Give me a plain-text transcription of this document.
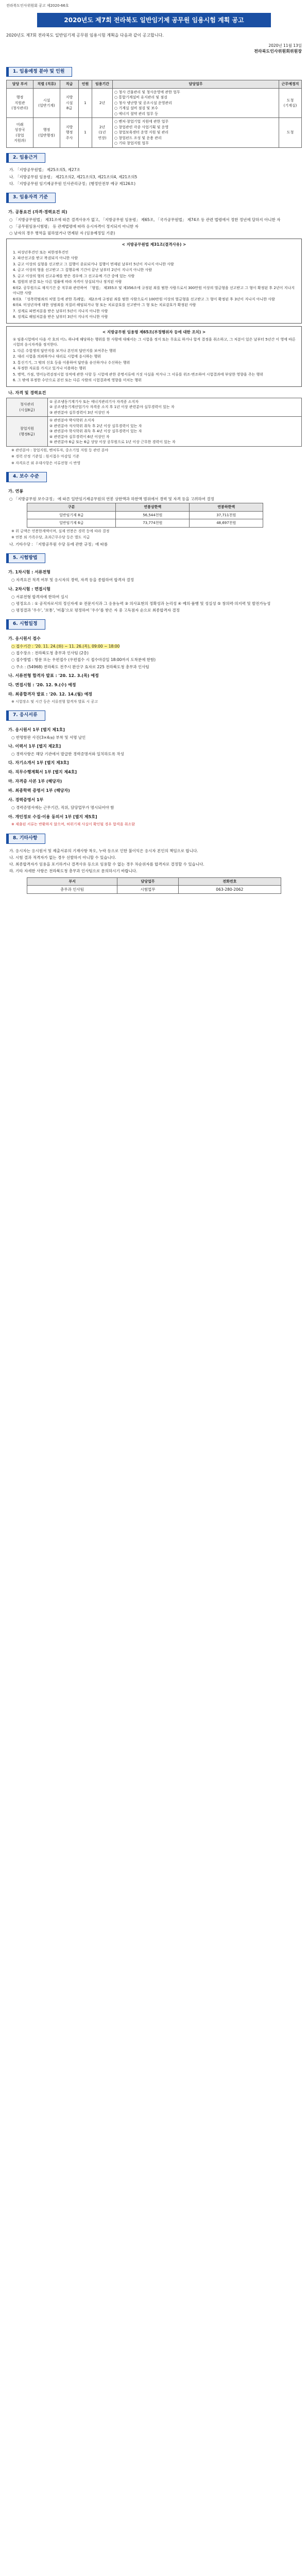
전라북도인사위원회 공고 제2020-66호
2020년도 제7회 전라북도 일반임기제 공무원 임용시험 계획 공고
2020년도 제7회 전라북도 일반임기제 공무원 임용시험 계획을 다음과 같이 공고합니다.
2020년 11월 13일
전라북도인사위원회위원장
1. 임용예정 분야 및 인원
담당 부서	직렬 (직류)	직급	인원	임용기간	담당업무	근무예정지
행정
지원관
(청사관리)	시설
(일반기계)	지방
시설
8급	1	2년	○ 청사 건물관리 및 청사운영에 관한 업무
○ 통합기계설비 유지관리 및 점검
○ 청사 냉난방 및 공조시설 운영관리
○ 기계실 설비 점검 및 보수
○ 에너지 절약 관리 업무 등	도청
(기계실)
미래
성장국
(창업
지원과)	행정
(일반행정)	지방
행정
주사	1	2년
(1년
연장)	○ 벤처·창업기업 지원에 관한 업무
○ 창업관련 각종 사업기획 및 운영
○ 창업보육센터 운영 지원 및 관리
○ 창업펀드 조성 및 운용 관리
○ 기타 창업지원 업무	도청
2. 임용근거
가. 「지방공무원법」 제25조의5, 제27조
나. 「지방공무원 임용령」 제21조의2, 제21조의3, 제21조의4, 제21조의5
다. 「지방공무원 임기제공무원 인사관리규정」(행정안전부 예규 제126호)
3. 임용자격 기준
가. 공통요건 (자격·경력요건 외)
○ 「지방공무원법」 제31조에 따른 결격사유가 없고, 「지방공무원 임용령」 제65조, 「국가공무원법」 제74조 등 관련 법령에서 정한 정년에 달하지 아니한 자
○ 「공무원임용시험령」 등 관계법령에 따라 응시자격이 정지되지 아니한 자
○ 남자의 경우 병역을 필하였거나 면제된 자 (임용예정일 기준)
< 지방공무원법 제31조(결격사유) >
1. 피성년후견인 또는 피한정후견인
2. 파산선고를 받고 복권되지 아니한 사람
3. 금고 이상의 실형을 선고받고 그 집행이 종료되거나 집행이 면제된 날부터 5년이 지나지 아니한 사람
4. 금고 이상의 형을 선고받고 그 집행유예 기간이 끝난 날부터 2년이 지나지 아니한 사람
5. 금고 이상의 형의 선고유예를 받은 경우에 그 선고유예 기간 중에 있는 사람
6. 법원의 판결 또는 다른 법률에 따라 자격이 상실되거나 정지된 사람
6의2. 공무원으로 재직기간 중 직무와 관련하여 「형법」 제355조 및 제356조에 규정된 죄를 범한 사람으로서 300만원 이상의 벌금형을 선고받고 그 형이 확정된 후 2년이 지나지 아니한 사람
6의3. 「성폭력범죄의 처벌 등에 관한 특례법」 제2조에 규정된 죄를 범한 사람으로서 100만원 이상의 벌금형을 선고받고 그 형이 확정된 후 3년이 지나지 아니한 사람
6의4. 미성년자에 대한 성범죄를 저질러 해임되거나 형 또는 치료감호를 선고받아 그 형 또는 치료감호가 확정된 사람
7. 징계로 파면처분을 받은 날부터 5년이 지나지 아니한 사람
8. 징계로 해임처분을 받은 날부터 3년이 지나지 아니한 사람
< 지방공무원 임용령 제65조(부정행위자 등에 대한 조치) >
① 임용시험에서 다음 각 호의 어느 하나에 해당하는 행위를 한 사람에 대해서는 그 시험을 정지 또는 무효로 하거나 합격 결정을 취소하고, 그 처분이 있은 날부터 5년간 이 영에 따른 시험의 응시자격을 정지한다.
1. 다른 수험생의 답안지를 보거나 본인의 답안지를 보여주는 행위
2. 대리 시험을 의뢰하거나 대리로 시험에 응시하는 행위
3. 통신기기, 그 밖의 신호 등을 이용하여 답안을 송신하거나 수신하는 행위
4. 부정한 자료를 가지고 있거나 이용하는 행위
5. 병역, 가점, 영어능력검정시험 성적에 관한 사항 등 시험에 관한 증명서류에 거짓 사실을 적거나 그 서류를 위조·변조하여 시험결과에 부당한 영향을 주는 행위
6. 그 밖에 부정한 수단으로 본인 또는 다른 사람의 시험결과에 영향을 미치는 행위
나. 자격 및 경력요건
청사관리
(시설8급)	① 공조냉동기계기사 또는 에너지관리기사 자격증 소지자
② 공조냉동기계산업기사 자격증 소지 후 1년 이상 관련분야 실무경력이 있는 자
③ 관련분야 실무경력이 3년 이상인 자
창업지원
(행정6급)	① 관련분야 박사학위 소지자
② 관련분야 석사학위 취득 후 2년 이상 실무경력이 있는 자
③ 관련분야 학사학위 취득 후 4년 이상 실무경력이 있는 자
④ 관련분야 실무경력이 6년 이상인 자
⑤ 관련분야 6급 또는 6급 상당 이상 공무원으로 1년 이상 근무한 경력이 있는 자
※ 관련분야 : 창업지원, 벤처투자, 중소기업 지원 등 관련 분야
※ 경력 산정 기준일 : 원서접수 마감일 기준
※ 자격요건 외 우대사항은 서류전형 시 반영
4. 보수 수준
가. 연봉
○ 「지방공무원 보수규정」 에 따른 일반임기제공무원의 연봉 상한액과 하한액 범위에서 경력 및 자격 등을 고려하여 결정
구분	연봉상한액	연봉하한액
일반임기제 8급	56,544천원	37,711천원
일반임기제 6급	73,774천원	48,697천원
※ 위 금액은 연봉한계액이며, 실제 연봉은 경력 등에 따라 결정
※ 연봉 외 가족수당, 초과근무수당 등은 별도 지급
나. 기타수당 : 「지방공무원 수당 등에 관한 규정」에 따름
5. 시험방법
가. 1차시험 : 서류전형
○ 자격요건 적격 여부 및 응시자의 경력, 자격 등을 종합하여 합격자 결정
나. 2차시험 : 면접시험
○ 서류전형 합격자에 한하여 실시
○ 평정요소 : ① 공직자로서의 정신자세 ② 전문지식과 그 응용능력 ③ 의사표현의 정확성과 논리성 ④ 예의·품행 및 성실성 ⑤ 창의력·의지력 및 발전가능성
○ 평정결과 '우수', '보통', '미흡'으로 평정하여 '우수'를 받은 자 중 고득점자 순으로 최종합격자 결정
6. 시험일정
가. 응시원서 접수
○ 접수기간 : '20. 11. 24.(화) ~ 11. 26.(목), 09:00 ~ 18:00
○ 접수장소 : 전라북도청 총무과 인사팀 (2층)
○ 접수방법 : 방문 또는 우편접수 (우편접수 시 접수마감일 18:00까지 도착분에 한함)
○ 주소 : (54968) 전라북도 전주시 완산구 효자로 225 전라북도청 총무과 인사팀
나. 서류전형 합격자 발표 : '20. 12. 3.(목) 예정
다. 면접시험 : '20. 12. 9.(수) 예정
라. 최종합격자 발표 : '20. 12. 14.(월) 예정
※ 시험장소 및 시간 등은 서류전형 합격자 발표 시 공고
7. 응시서류
가. 응시원서 1부 [별지 제1호]
○ 반명함판 사진(3×4㎝) 부착 및 서명 날인
나. 이력서 1부 [별지 제2호]
○ 경력사항은 해당 기관에서 발급한 경력증명서와 일치하도록 작성
다. 자기소개서 1부 [별지 제3호]
라. 직무수행계획서 1부 [별지 제4호]
마. 자격증 사본 1부 (해당자)
바. 최종학력 증명서 1부 (해당자)
사. 경력증명서 1부
○ 경력증명서에는 근무기간, 직위, 담당업무가 명시되어야 함
아. 개인정보 수집·이용 동의서 1부 [별지 제5호]
※ 제출된 서류는 반환하지 않으며, 허위기재 사실이 확인될 경우 합격을 취소함
8. 기타사항
가. 응시자는 응시원서 및 제출서류의 기재사항 착오, 누락 등으로 인한 불이익은 응시자 본인의 책임으로 합니다.
나. 시험 결과 적격자가 없는 경우 선발하지 아니할 수 있습니다.
다. 최종합격자가 임용을 포기하거나 결격사유 등으로 임용할 수 없는 경우 차순위자를 합격자로 결정할 수 있습니다.
라. 기타 자세한 사항은 전라북도청 총무과 인사팀으로 문의하시기 바랍니다.
부서	담당업무	전화번호
총무과 인사팀	시험업무	063-280-2062
